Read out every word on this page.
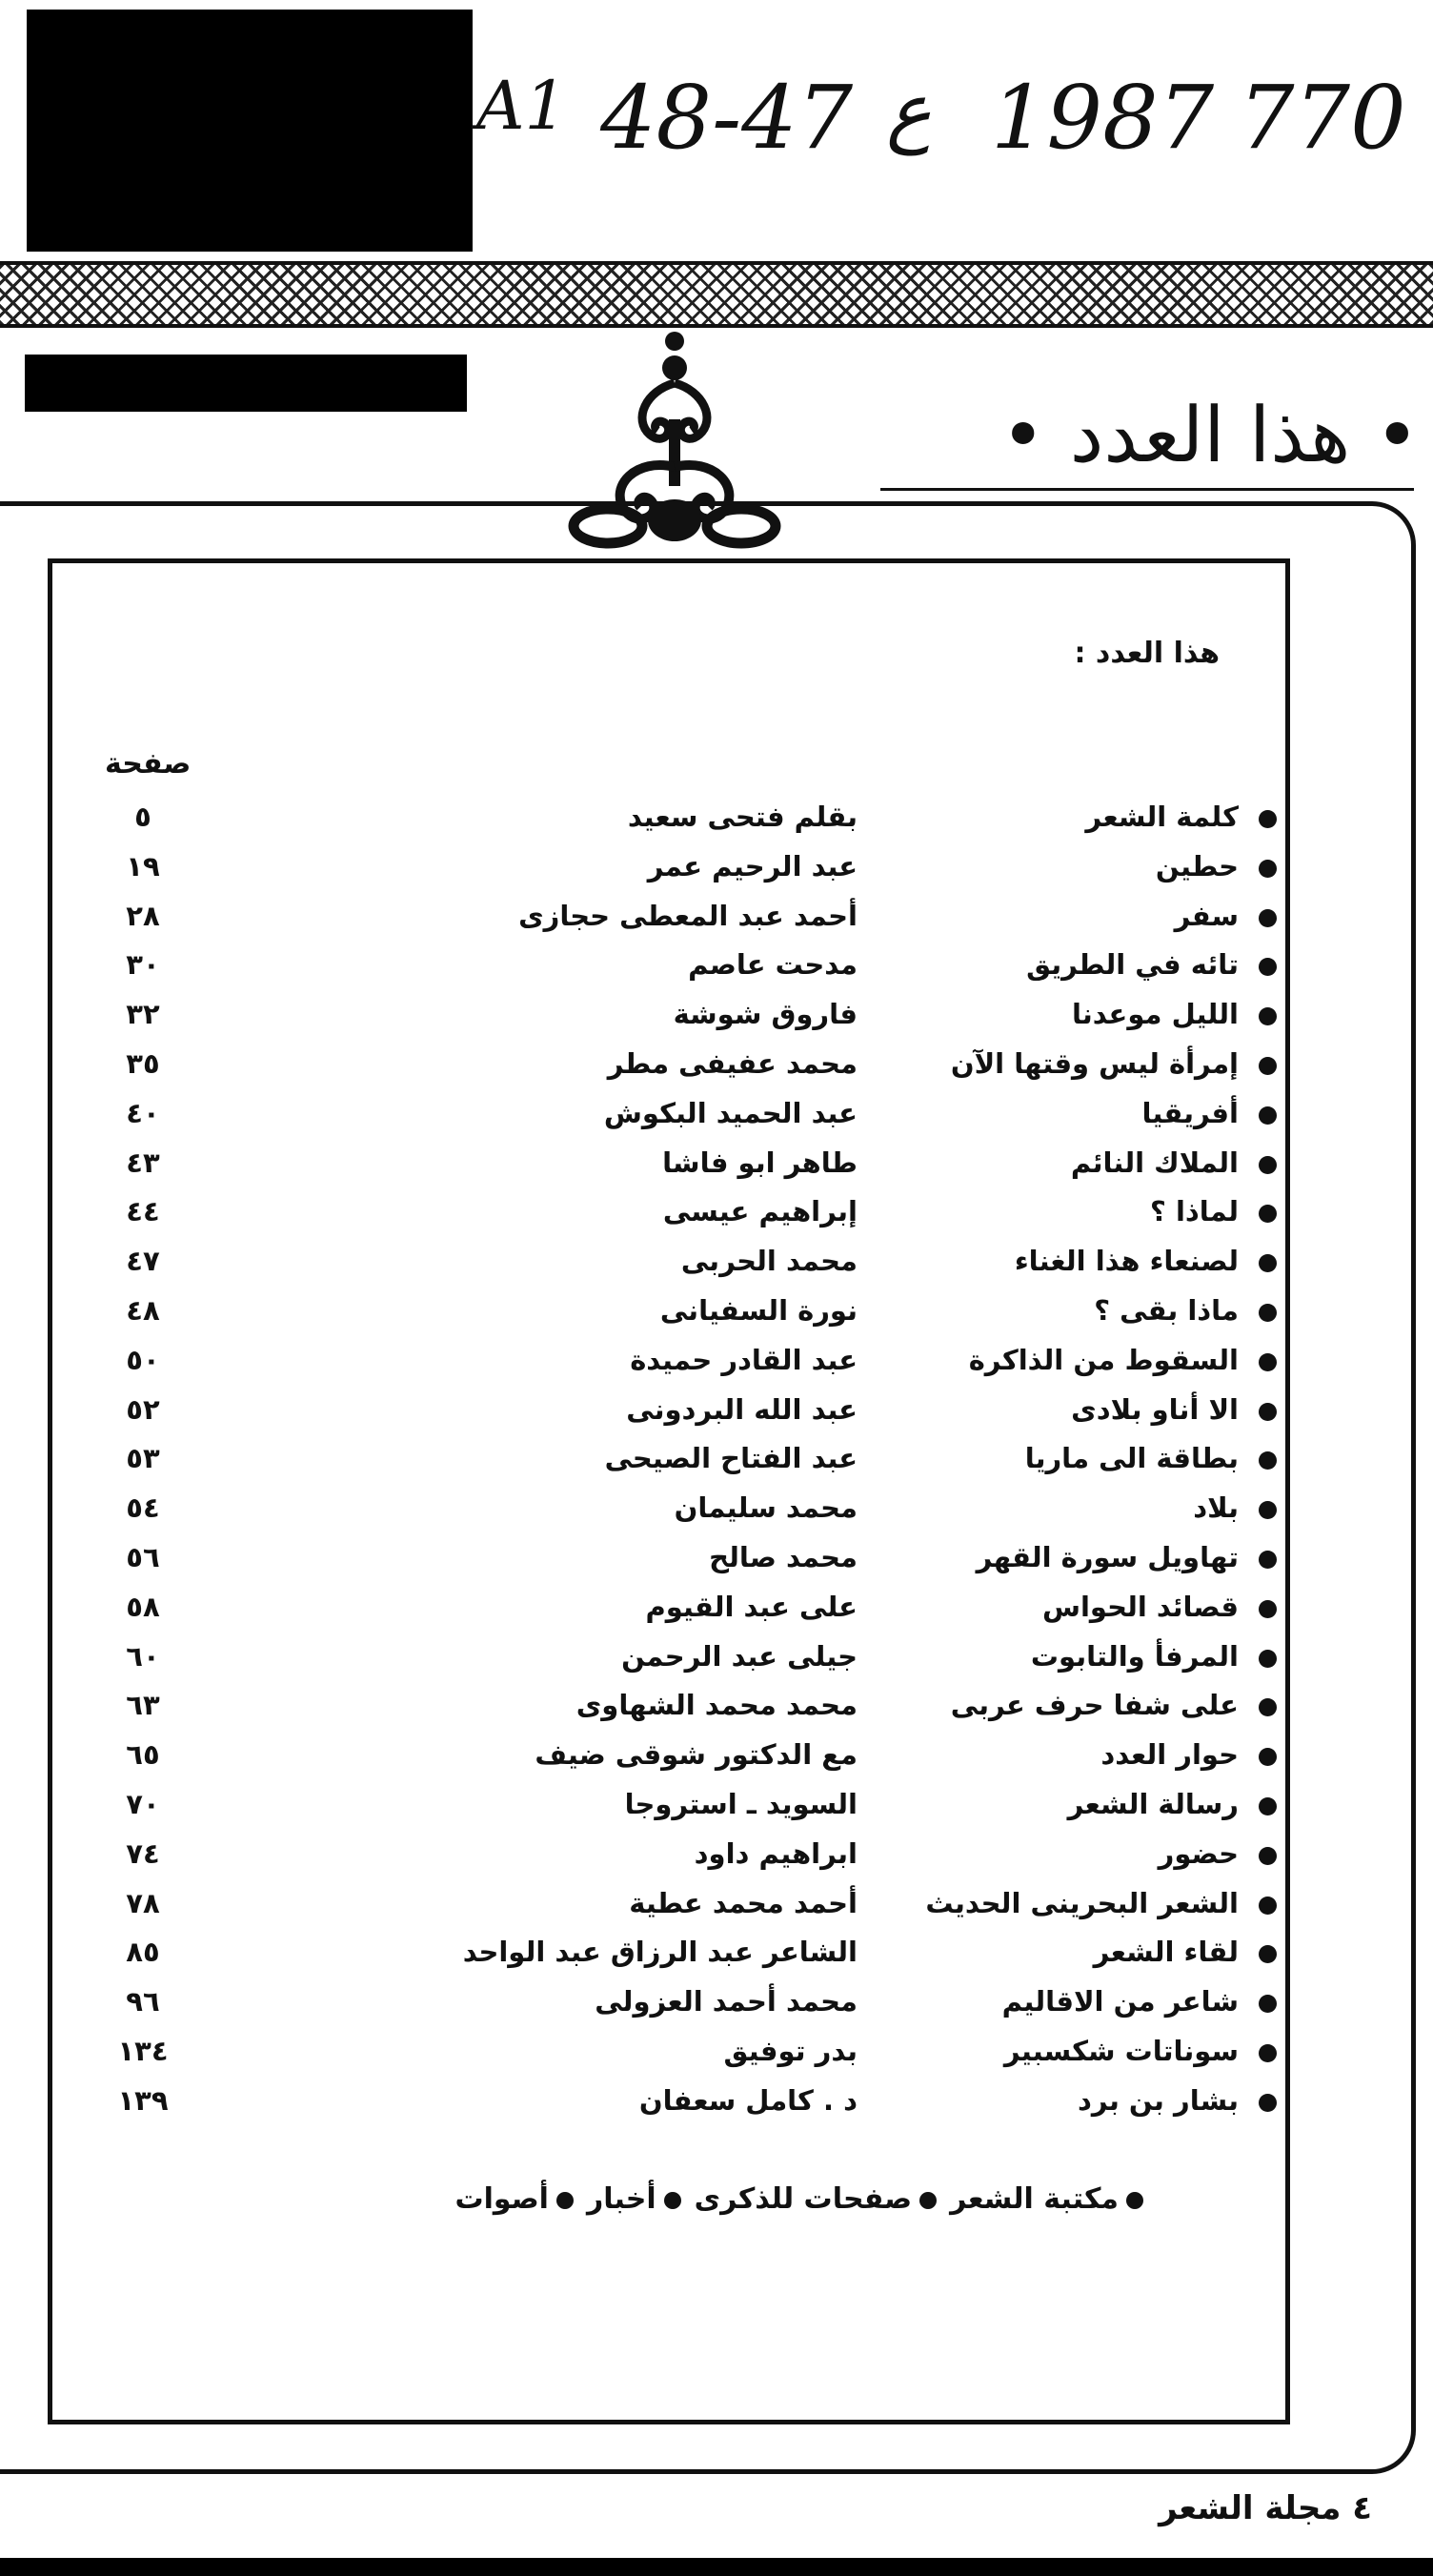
A1 48-47 ع 1987 770
• هذا العدد •
هذا العدد :
صفحة
كلمة الشعر
بقلم فتحى سعيد
٥
حطين
عبد الرحيم عمر
١٩
سفر
أحمد عبد المعطى حجازى
٢٨
تائه في الطريق
مدحت عاصم
٣٠
الليل موعدنا
فاروق شوشة
٣٢
إمرأة ليس وقتها الآن
محمد عفيفى مطر
٣٥
أفريقيا
عبد الحميد البكوش
٤٠
الملاك النائم
طاهر ابو فاشا
٤٣
لماذا ؟
إبراهيم عيسى
٤٤
لصنعاء هذا الغناء
محمد الحربى
٤٧
ماذا بقى ؟
نورة السفيانى
٤٨
السقوط من الذاكرة
عبد القادر حميدة
٥٠
الا أناو بلادى
عبد الله البردونى
٥٢
بطاقة الى ماريا
عبد الفتاح الصيحى
٥٣
بلاد
محمد سليمان
٥٤
تهاويل سورة القهر
محمد صالح
٥٦
قصائد الحواس
على عبد القيوم
٥٨
المرفأ والتابوت
جيلى عبد الرحمن
٦٠
على شفا حرف عربى
محمد محمد الشهاوى
٦٣
حوار العدد
مع الدكتور شوقى ضيف
٦٥
رسالة الشعر
السويد ـ استروجا
٧٠
حضور
ابراهيم داود
٧٤
الشعر البحرينى الحديث
أحمد محمد عطية
٧٨
لقاء الشعر
الشاعر عبد الرزاق عبد الواحد
٨٥
شاعر من الاقاليم
محمد أحمد العزولى
٩٦
سوناتات شكسبير
بدر توفيق
١٣٤
بشار بن برد
د . كامل سعفان
١٣٩
مكتبة الشعرصفحات للذكرىأخبارأصوات
٤ مجلة الشعر
